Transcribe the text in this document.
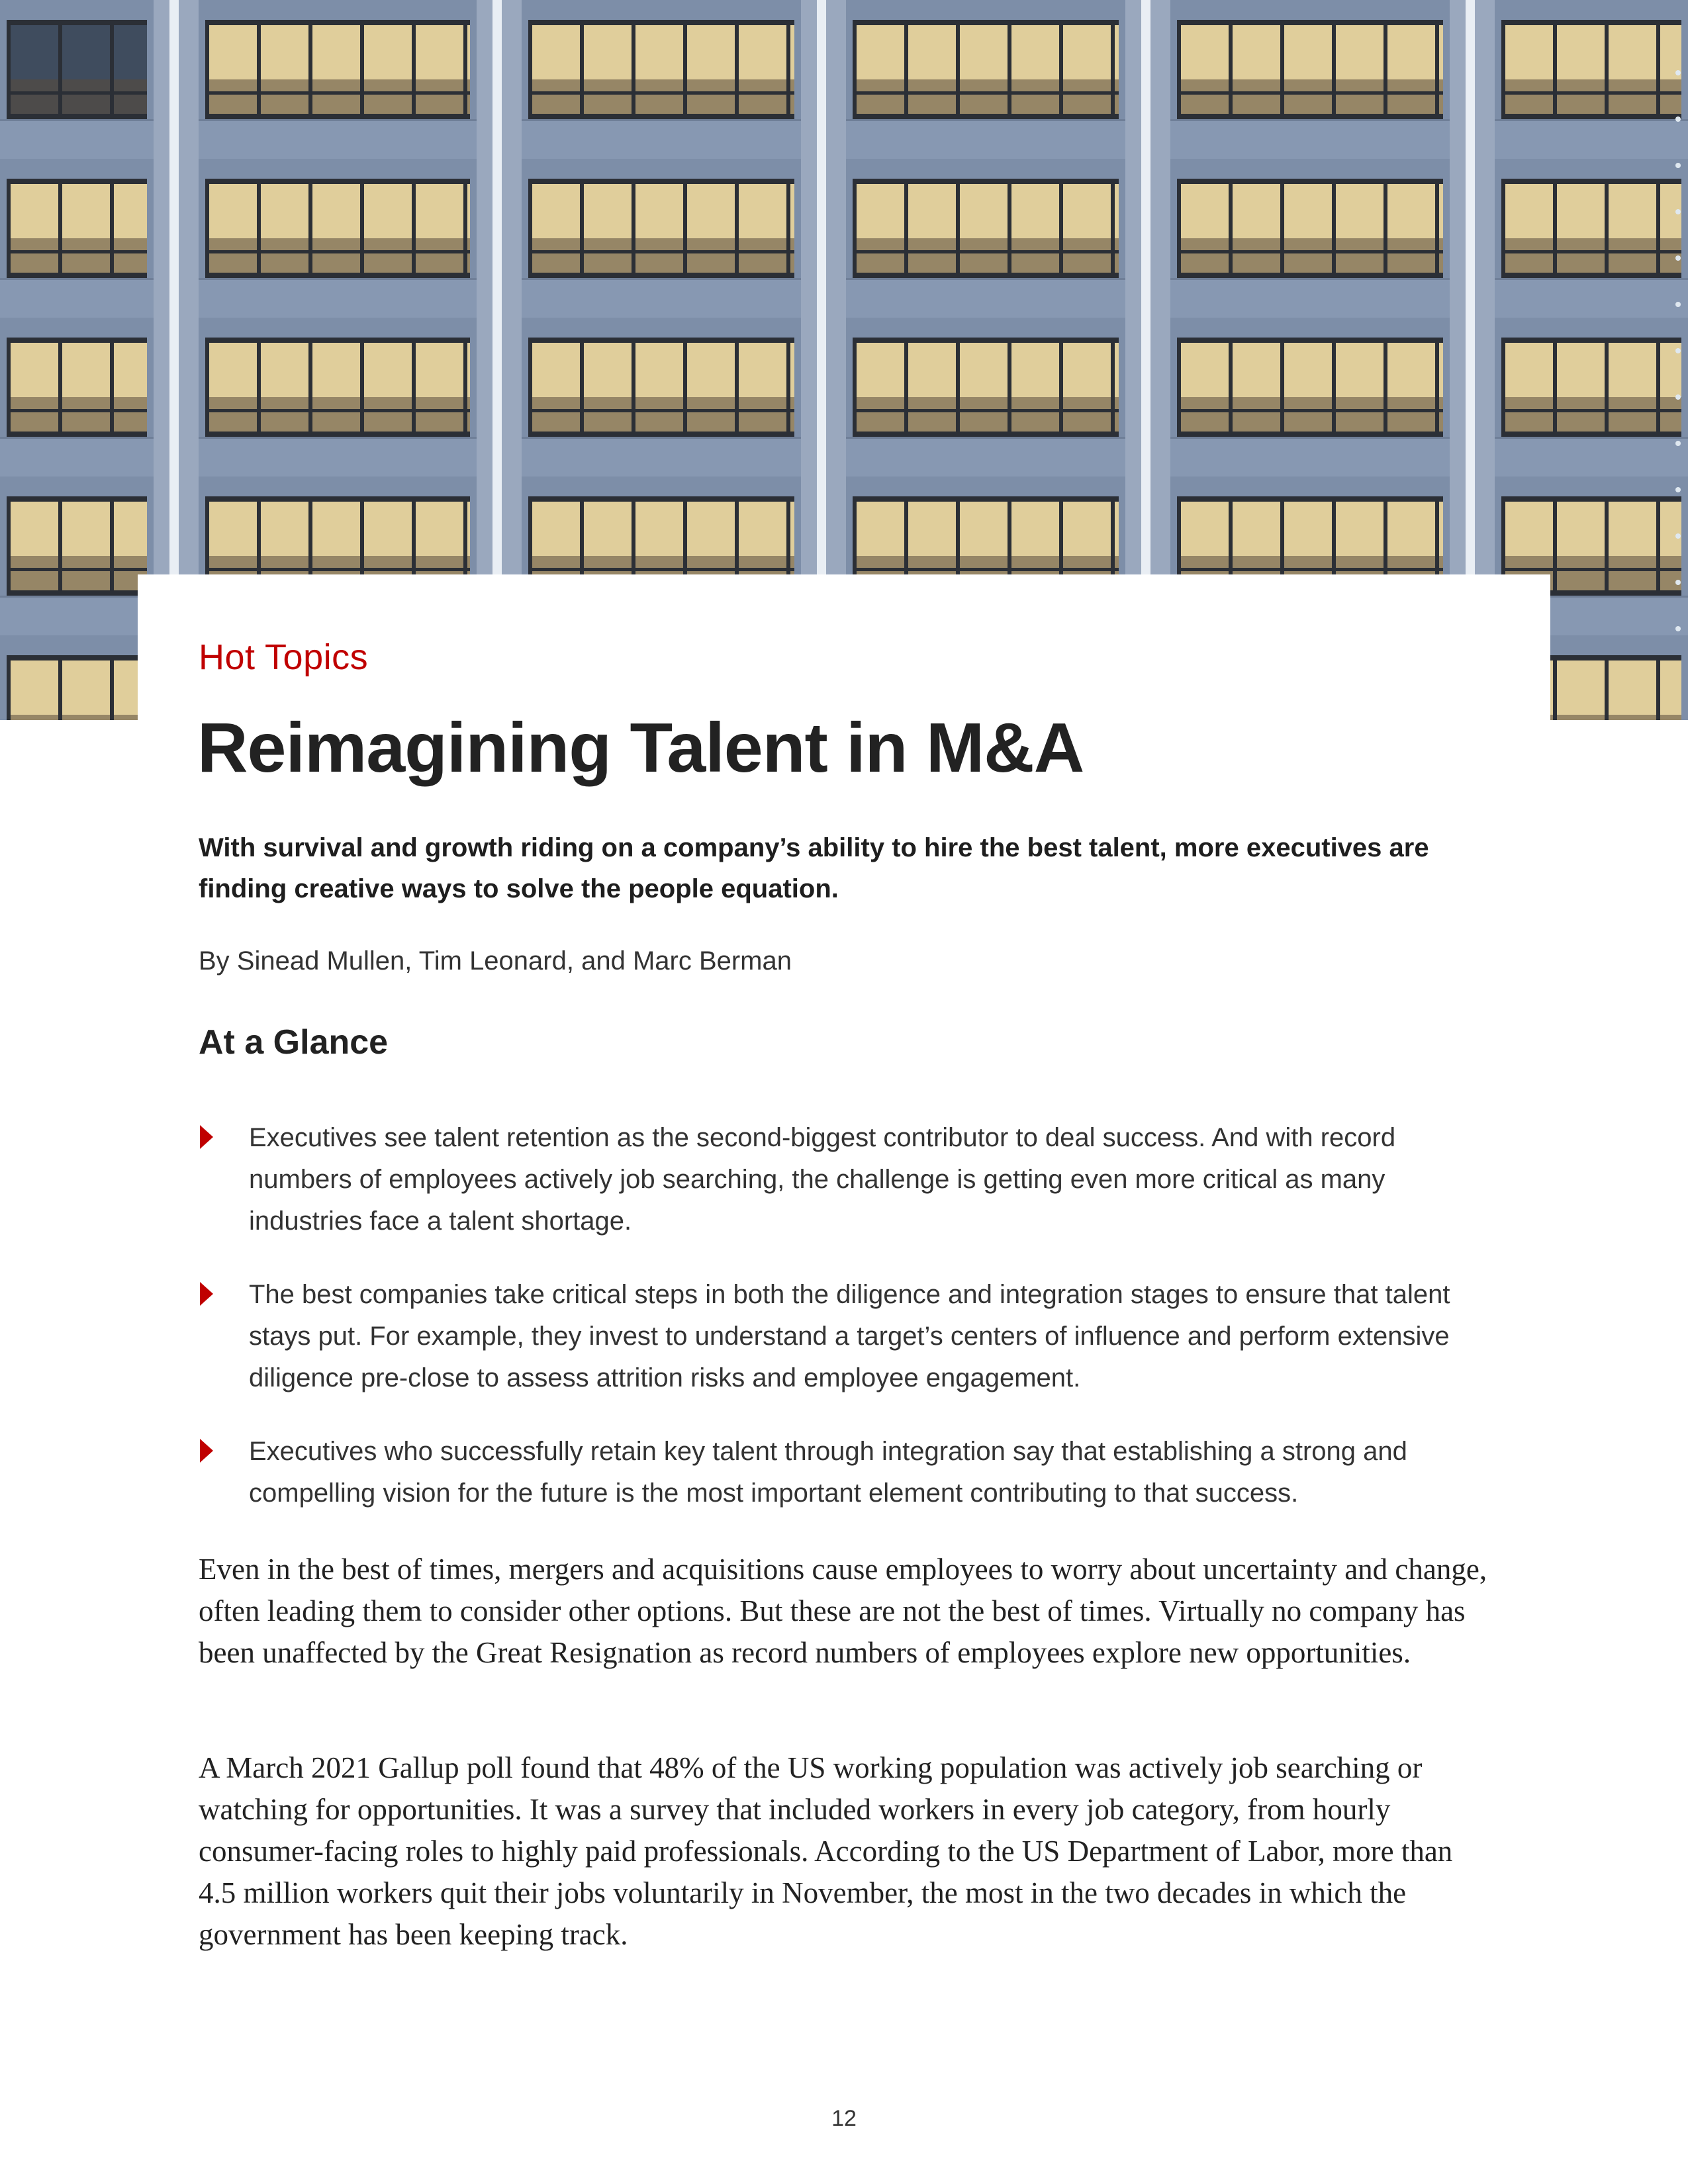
Hot Topics
Reimagining Talent in M&A
With survival and growth riding on a company’s ability to hire the best talent, more executives are finding creative ways to solve the people equation.
By Sinead Mullen, Tim Leonard, and Marc Berman
At a Glance
Executives see talent retention as the second-biggest contributor to deal success. And with record numbers of employees actively job searching, the challenge is getting even more critical as many industries face a talent shortage.
The best companies take critical steps in both the diligence and integration stages to ensure that talent stays put. For example, they invest to understand a target’s centers of influence and perform extensive diligence pre-close to assess attrition risks and employee engagement.
Executives who successfully retain key talent through integration say that establishing a strong and compelling vision for the future is the most important element contributing to that success.

Even in the best of times, mergers and acquisitions cause employees to worry about uncertainty and change, often leading them to consider other options. But these are not the best of times. Virtually no company has been unaffected by the Great Resignation as record numbers of employees explore new opportunities.

A March 2021 Gallup poll found that 48% of the US working population was actively job searching or watching for opportunities. It was a survey that included workers in every job category, from hourly consumer-facing roles to highly paid professionals. According to the US Department of Labor, more than 4.5 million workers quit their jobs voluntarily in November, the most in the two decades in which the government has been keeping track.

12
